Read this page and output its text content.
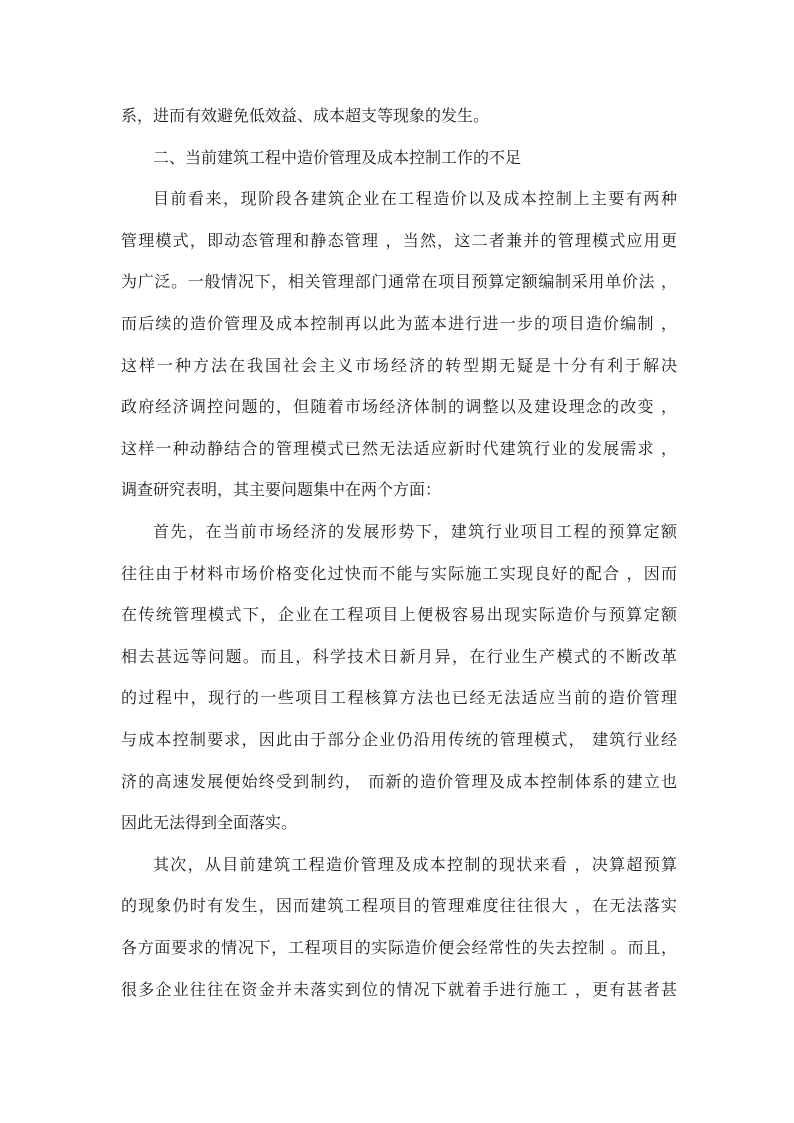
系，进而有效避免低效益、成本超支等现象的发生。
二、当前建筑工程中造价管理及成本控制工作的不足
目前看来，现阶段各建筑企业在工程造价以及成本控制上主要有两种
管理模式，即动态管理和静态管理 ，当然，这二者兼并的管理模式应用更
为广泛。一般情况下，相关管理部门通常在项目预算定额编制采用单价法 ，
而后续的造价管理及成本控制再以此为蓝本进行进一步的项目造价编制 ，
这样一种方法在我国社会主义市场经济的转型期无疑是十分有利于解决
政府经济调控问题的，但随着市场经济体制的调整以及建设理念的改变 ，
这样一种动静结合的管理模式已然无法适应新时代建筑行业的发展需求 ，
调查研究表明，其主要问题集中在两个方面：
首先，在当前市场经济的发展形势下，建筑行业项目工程的预算定额
往往由于材料市场价格变化过快而不能与实际施工实现良好的配合 ，因而
在传统管理模式下，企业在工程项目上便极容易出现实际造价与预算定额
相去甚远等问题。而且，科学技术日新月异，在行业生产模式的不断改革
的过程中，现行的一些项目工程核算方法也已经无法适应当前的造价管理
与成本控制要求，因此由于部分企业仍沿用传统的管理模式， 建筑行业经
济的高速发展便始终受到制约， 而新的造价管理及成本控制体系的建立也
因此无法得到全面落实。
其次，从目前建筑工程造价管理及成本控制的现状来看 ，决算超预算
的现象仍时有发生，因而建筑工程项目的管理难度往往很大 ，在无法落实
各方面要求的情况下，工程项目的实际造价便会经常性的失去控制 。而且，
很多企业往往在资金并未落实到位的情况下就着手进行施工 ，更有甚者甚
